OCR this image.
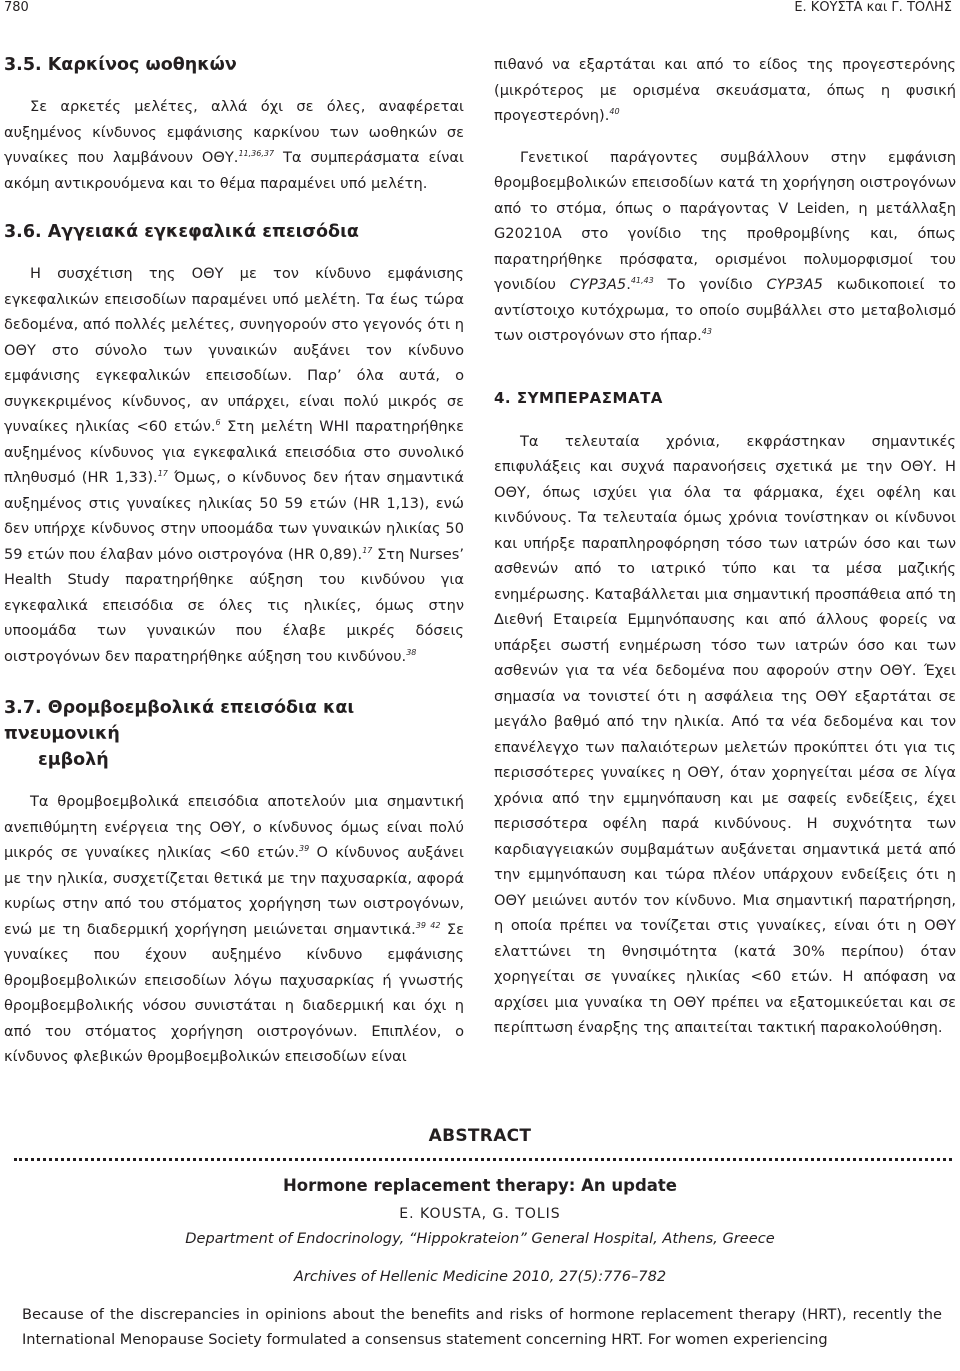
780	Ε. ΚΟΥΣΤΑ και Γ. ΤΟΛΗΣ
3.5. Καρκίνος ωοθηκών

Σε αρκετές μελέτες, αλλά όχι σε όλες, αναφέρεται αυξημένος κίνδυνος εμφάνισης καρκίνου των ωοθηκών σε γυναίκες που λαμβάνουν ΟΘΥ.$^{11,36,37}$ Τα συμπεράσματα είναι ακόμη αντικρουόμενα και το θέμα παραμένει υπό μελέτη.

3.6. Αγγειακά εγκεφαλικά επεισόδια

Η συσχέτιση της ΟΘΥ με τον κίνδυνο εμφάνισης εγκεφαλικών επεισοδίων παραμένει υπό μελέτη. Τα έως τώρα δεδομένα, από πολλές μελέτες, συνηγορούν στο γεγονός ότι η ΟΘΥ στο σύνολο των γυναικών αυξάνει τον κίνδυνο εμφάνισης εγκεφαλικών επεισοδίων. Παρ’ όλα αυτά, ο συγκεκριμένος κίνδυνος, αν υπάρχει, είναι πολύ μικρός σε γυναίκες ηλικίας <60 ετών.$^6$ Στη μελέτη WHI παρατηρήθηκε αυξημένος κίνδυνος για εγκεφαλικά επεισόδια στο συνολικό πληθυσμό (HR 1,33).$^{17}$ Όμως, ο κίνδυνος δεν ήταν σημαντικά αυξημένος στις γυναίκες ηλικίας 50 59 ετών (HR 1,13), ενώ δεν υπήρχε κίνδυνος στην υποομάδα των γυναικών ηλικίας 50 59 ετών που έλαβαν μόνο οιστρογόνα (HR 0,89).$^{17}$ Στη Nurses’ Health Study παρατηρήθηκε αύξηση του κινδύνου για εγκεφαλικά επεισόδια σε όλες τις ηλικίες, όμως στην υποομάδα των γυναικών που έλαβε μικρές δόσεις οιστρογόνων δεν παρατηρήθηκε αύξηση του κινδύνου.$^{38}$

3.7. Θρομβοεμβολικά επεισόδια και πνευμονική
εμβολή

Τα θρομβοεμβολικά επεισόδια αποτελούν μια σημαντική ανεπιθύμητη ενέργεια της ΟΘΥ, ο κίνδυνος όμως είναι πολύ μικρός σε γυναίκες ηλικίας <60 ετών.$^{39}$ Ο κίνδυνος αυξάνει με την ηλικία, συσχετίζεται θετικά με την παχυσαρκία, αφορά κυρίως στην από του στόματος χορήγηση των οιστρογόνων, ενώ με τη διαδερμική χορήγηση μειώνεται σημαντικά.$^{39 42}$ Σε γυναίκες που έχουν αυξημένο κίνδυνο εμφάνισης θρομβοεμβολικών επεισοδίων λόγω παχυσαρκίας ή γνωστής θρομβοεμβολικής νόσου συνιστάται η διαδερμική και όχι η από του στόματος χορήγηση οιστρογόνων. Επιπλέον, ο κίνδυνος φλεβικών θρομβοεμβολικών επεισοδίων είναι

πιθανό να εξαρτάται και από το είδος της προγεστερόνης (μικρότερος με ορισμένα σκευάσματα, όπως η φυσική προγεστερόνη).$^{40}$

Γενετικοί παράγοντες συμβάλλουν στην εμφάνιση θρομβοεμβολικών επεισοδίων κατά τη χορήγηση οιστρογόνων από το στόμα, όπως ο παράγοντας V Leiden, η μετάλλαξη G20210A στο γονίδιο της προθρομβίνης και, όπως παρατηρήθηκε πρόσφατα, ορισμένοι πολυμορφισμοί του γονιδίου CYP3A5.$^{41,43}$ Το γονίδιο CYP3A5 κωδικοποιεί το αντίστοιχο κυτόχρωμα, το οποίο συμβάλλει στο μεταβολισμό των οιστρογόνων στο ήπαρ.$^{43}$

4. ΣΥΜΠΕΡΑΣΜΑΤΑ

Τα τελευταία χρόνια, εκφράστηκαν σημαντικές επιφυλάξεις και συχνά παρανοήσεις σχετικά με την ΟΘΥ. Η ΟΘΥ, όπως ισχύει για όλα τα φάρμακα, έχει οφέλη και κινδύνους. Τα τελευταία όμως χρόνια τονίστηκαν οι κίνδυνοι και υπήρξε παραπληροφόρηση τόσο των ιατρών όσο και των ασθενών από το ιατρικό τύπο και τα μέσα μαζικής ενημέρωσης. Καταβάλλεται μια σημαντική προσπάθεια από τη Διεθνή Εταιρεία Εμμηνόπαυσης και από άλλους φορείς να υπάρξει σωστή ενημέρωση τόσο των ιατρών όσο και των ασθενών για τα νέα δεδομένα που αφορούν στην ΟΘΥ. Έχει σημασία να τονιστεί ότι η ασφάλεια της ΟΘΥ εξαρτάται σε μεγάλο βαθμό από την ηλικία. Από τα νέα δεδομένα και τον επανέλεγχο των παλαιότερων μελετών προκύπτει ότι για τις περισσότερες γυναίκες η ΟΘΥ, όταν χορηγείται μέσα σε λίγα χρόνια από την εμμηνόπαυση και με σαφείς ενδείξεις, έχει περισσότερα οφέλη παρά κινδύνους. Η συχνότητα των καρδιαγγειακών συμβαμάτων αυξάνεται σημαντικά μετά από την εμμηνόπαυση και τώρα πλέον υπάρχουν ενδείξεις ότι η ΟΘΥ μειώνει αυτόν τον κίνδυνο. Μια σημαντική παρατήρηση, η οποία πρέπει να τονίζεται στις γυναίκες, είναι ότι η ΟΘΥ ελαττώνει τη θνησιμότητα (κατά 30% περίπου) όταν χορηγείται σε γυναίκες ηλικίας <60 ετών. Η απόφαση να αρχίσει μια γυναίκα τη ΟΘΥ πρέπει να εξατομικεύεται και σε περίπτωση έναρξης της απαιτείται τακτική παρακολούθηση.

ABSTRACT
Hormone replacement therapy: An update
E. KOUSTA, G. TOLIS
Department of Endocrinology, “Hippokrateion” General Hospital, Athens, Greece
Archives of Hellenic Medicine 2010, 27(5):776–782
Because of the discrepancies in opinions about the benefits and risks of hormone replacement therapy (HRT), recently the International Menopause Society formulated a consensus statement concerning HRT. For women experiencing
